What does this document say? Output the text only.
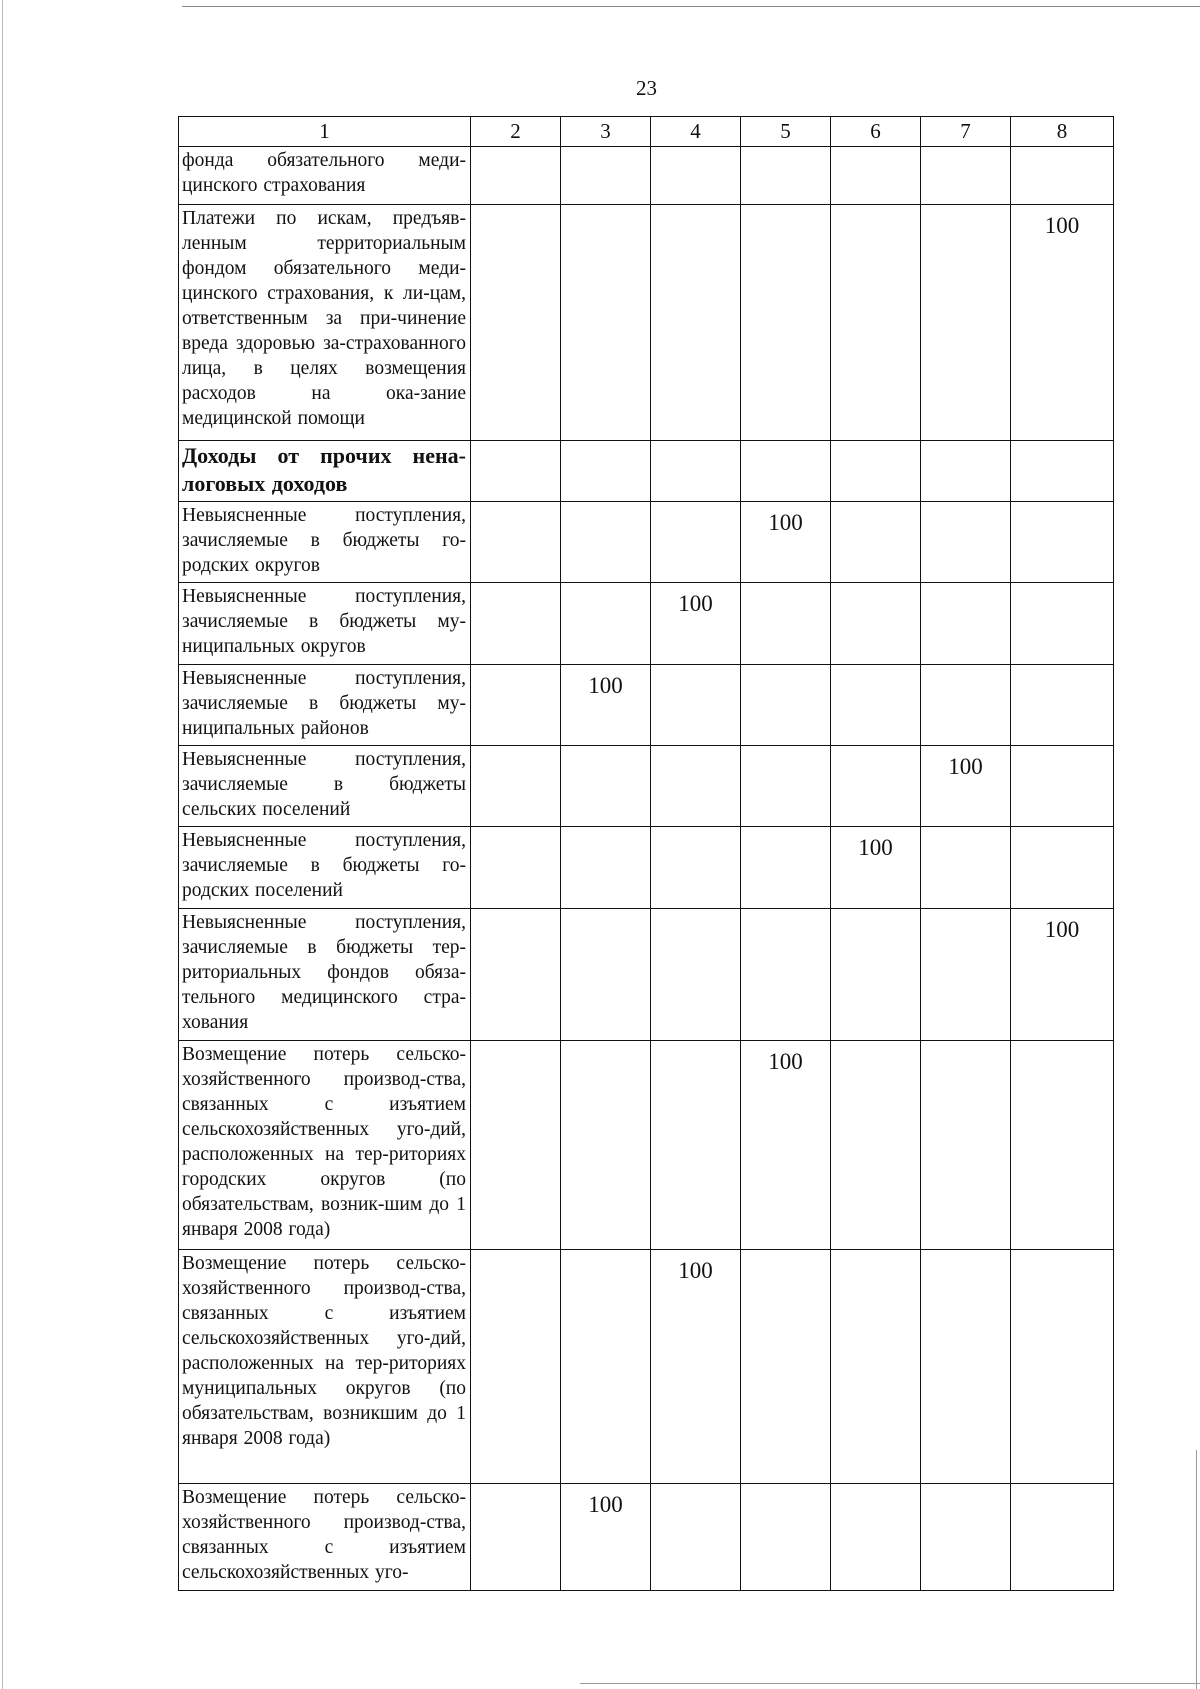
23
1	2	3	4	5	6	7	8
фонда обязательного меди-цинского страхования							
Платежи по искам, предъяв-ленным территориальным фондом обязательного меди-цинского страхования, к ли-цам, ответственным за при-чинение вреда здоровью за-страхованного лица, в целях возмещения расходов на ока-зание медицинской помощи							100
Доходы от прочих нена-логовых доходов							
Невыясненные поступления, зачисляемые в бюджеты го-родских округов				100			
Невыясненные поступления, зачисляемые в бюджеты му-ниципальных округов			100				
Невыясненные поступления, зачисляемые в бюджеты му-ниципальных районов		100					
Невыясненные поступления, зачисляемые в бюджеты сельских поселений						100	
Невыясненные поступления, зачисляемые в бюджеты го-родских поселений					100		
Невыясненные поступления, зачисляемые в бюджеты тер-риториальных фондов обяза-тельного медицинского стра-хования							100
Возмещение потерь сельско-хозяйственного производ-ства, связанных с изъятием сельскохозяйственных уго-дий, расположенных на тер-риториях городских округов (по обязательствам, возник-шим до 1 января 2008 года)				100			
Возмещение потерь сельско-хозяйственного производ-ства, связанных с изъятием сельскохозяйственных уго-дий, расположенных на тер-риториях муниципальных округов (по обязательствам, возникшим до 1 января 2008 года)			100				
Возмещение потерь сельско-хозяйственного производ-ства, связанных с изъятием сельскохозяйственных уго-		100					
